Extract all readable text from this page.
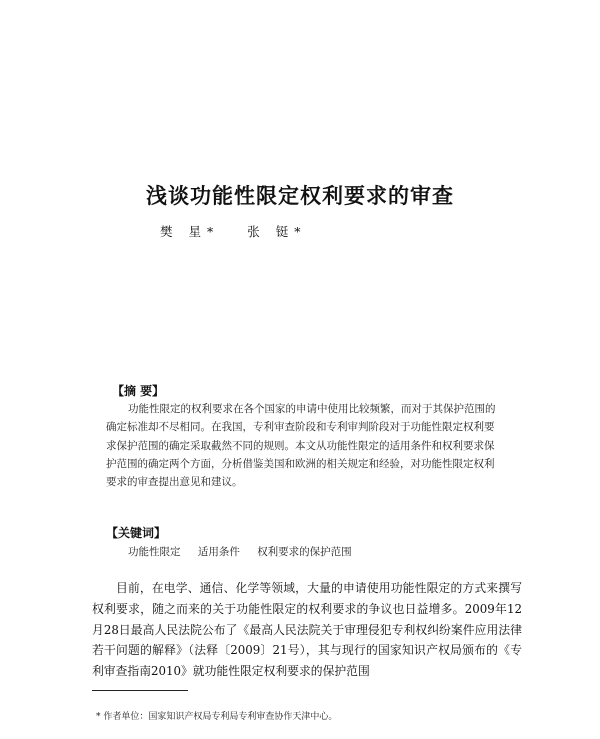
浅谈功能性限定权利要求的审查
樊 星* 张 铤*
【摘 要】
功能性限定的权利要求在各个国家的申请中使用比较频繁，而对于其保护范围的确定标准却不尽相同。在我国，专利审查阶段和专利审判阶段对于功能性限定权利要求保护范围的确定采取截然不同的规则。本文从功能性限定的适用条件和权利要求保护范围的确定两个方面，分析借鉴美国和欧洲的相关规定和经验，对功能性限定权利要求的审查提出意见和建议。
【关键词】
功能性限定 适用条件 权利要求的保护范围
目前，在电学、通信、化学等领域，大量的申请使用功能性限定的方式来撰写权利要求，随之而来的关于功能性限定的权利要求的争议也日益增多。2009年12月28日最高人民法院公布了《最高人民法院关于审理侵犯专利权纠纷案件应用法律若干问题的解释》（法释〔2009〕21号），其与现行的国家知识产权局颁布的《专利审查指南2010》就功能性限定权利要求的保护范围
* 作者单位：国家知识产权局专利局专利审查协作天津中心。
